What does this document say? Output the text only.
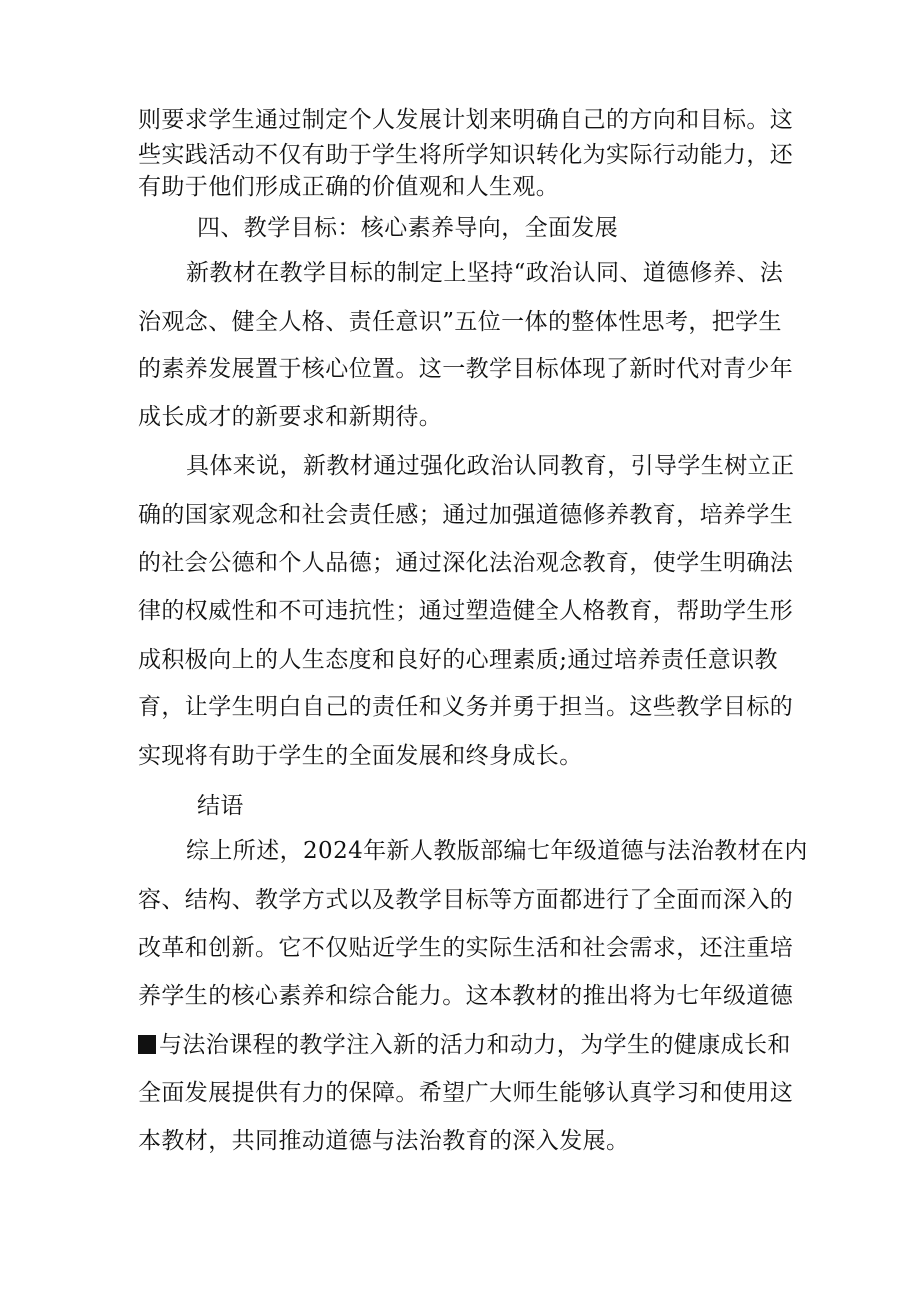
则要求学生通过制定个人发展计划来明确自己的方向和目标。这
些实践活动不仅有助于学生将所学知识转化为实际行动能力，还
有助于他们形成正确的价值观和人生观。
四、教学目标：核心素养导向，全面发展
新教材在教学目标的制定上坚持“政治认同、道德修养、法
治观念、健全人格、责任意识”五位一体的整体性思考，把学生
的素养发展置于核心位置。这一教学目标体现了新时代对青少年
成长成才的新要求和新期待。
具体来说，新教材通过强化政治认同教育，引导学生树立正
确的国家观念和社会责任感；通过加强道德修养教育，培养学生
的社会公德和个人品德；通过深化法治观念教育，使学生明确法
律的权威性和不可违抗性；通过塑造健全人格教育，帮助学生形
成积极向上的人生态度和良好的心理素质;通过培养责任意识教
育，让学生明白自己的责任和义务并勇于担当。这些教学目标的
实现将有助于学生的全面发展和终身成长。
结语
综上所述，2024年新人教版部编七年级道德与法治教材在内
容、结构、教学方式以及教学目标等方面都进行了全面而深入的
改革和创新。它不仅贴近学生的实际生活和社会需求，还注重培
养学生的核心素养和综合能力。这本教材的推出将为七年级道德
与法治课程的教学注入新的活力和动力，为学生的健康成长和
全面发展提供有力的保障。希望广大师生能够认真学习和使用这
本教材，共同推动道德与法治教育的深入发展。
